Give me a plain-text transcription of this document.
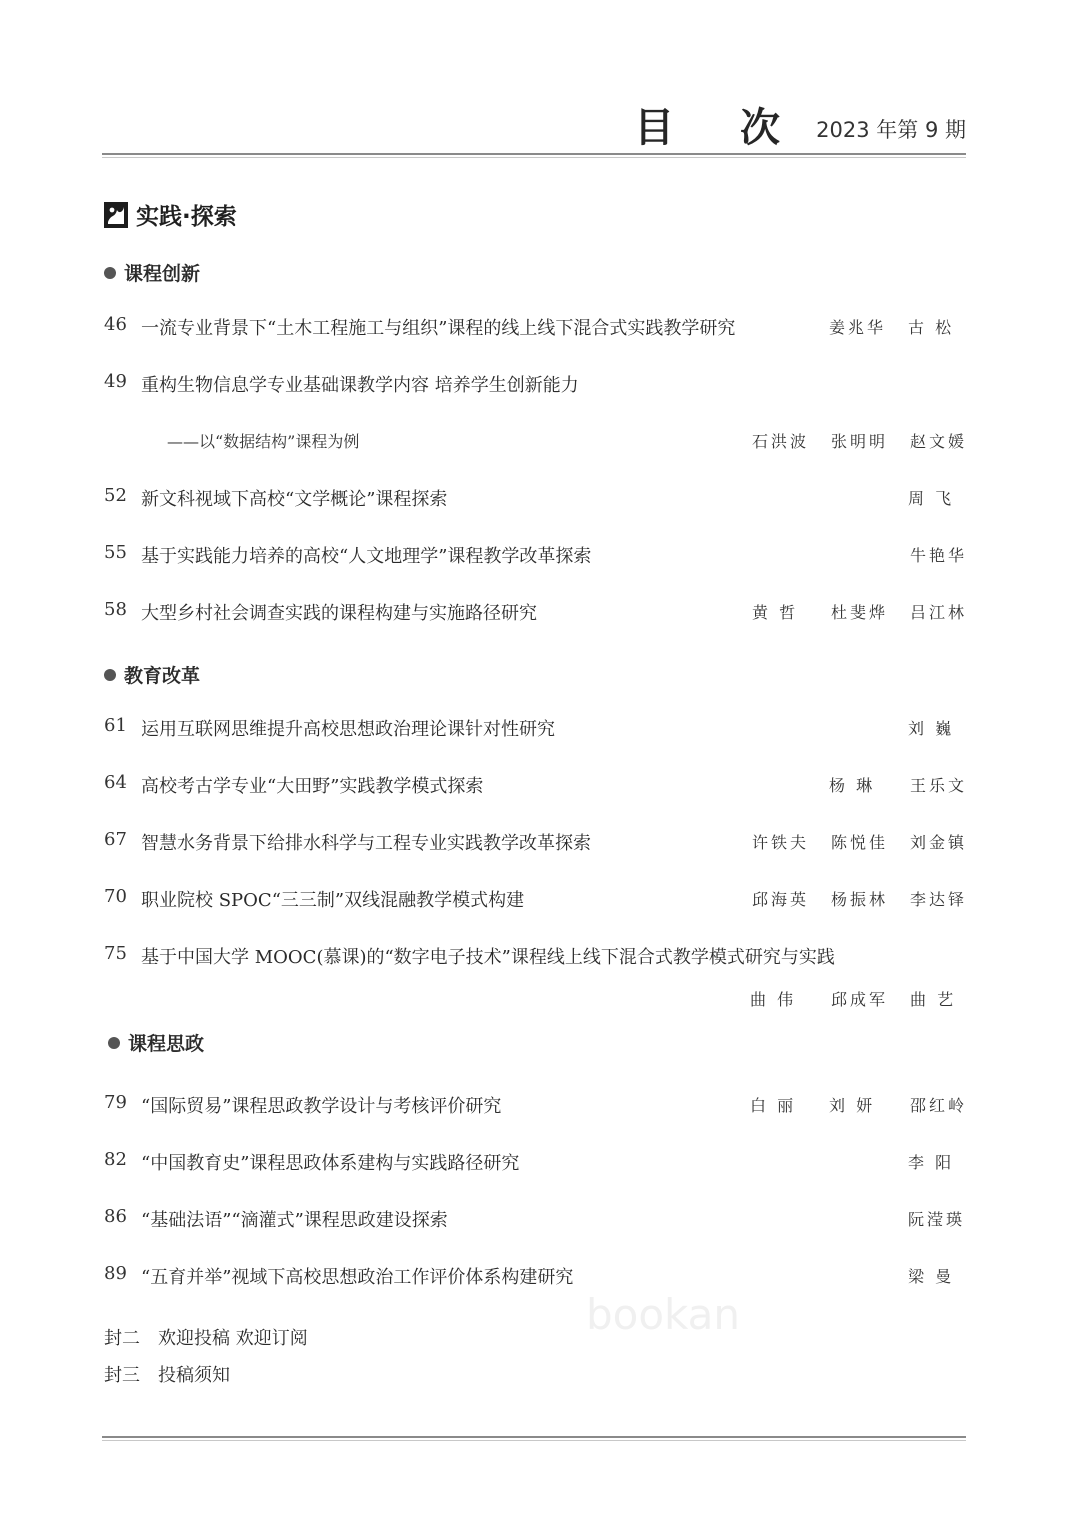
目 次 2023 年第 9 期
实践·探索
课程创新
46 一流专业背景下“土木工程施工与组织”课程的线上线下混合式实践教学研究	姜兆华 古 松
49 重构生物信息学专业基础课教学内容 培养学生创新能力
——以“数据结构”课程为例	石洪波 张明明 赵文媛
52 新文科视域下高校“文学概论”课程探索	周 飞
55 基于实践能力培养的高校“人文地理学”课程教学改革探索	牛艳华
58 大型乡村社会调查实践的课程构建与实施路径研究	黄 哲 杜斐烨 吕江林
教育改革
61 运用互联网思维提升高校思想政治理论课针对性研究	刘 巍
64 高校考古学专业“大田野”实践教学模式探索	杨 琳 王乐文
67 智慧水务背景下给排水科学与工程专业实践教学改革探索	许铁夫 陈悦佳 刘金镇
70 职业院校 SPOC“三三制”双线混融教学模式构建	邱海英 杨振林 李达铎
75 基于中国大学 MOOC(慕课)的“数字电子技术”课程线上线下混合式教学模式研究与实践
曲 伟 邱成军 曲 艺
课程思政
79 “国际贸易”课程思政教学设计与考核评价研究	白 丽 刘 妍 邵红岭
82 “中国教育史”课程思政体系建构与实践路径研究	李 阳
86 “基础法语”“滴灌式”课程思政建设探索	阮滢瑛
89 “五育并举”视域下高校思想政治工作评价体系构建研究	梁 曼
bookan
封二　欢迎投稿 欢迎订阅
封三　投稿须知
